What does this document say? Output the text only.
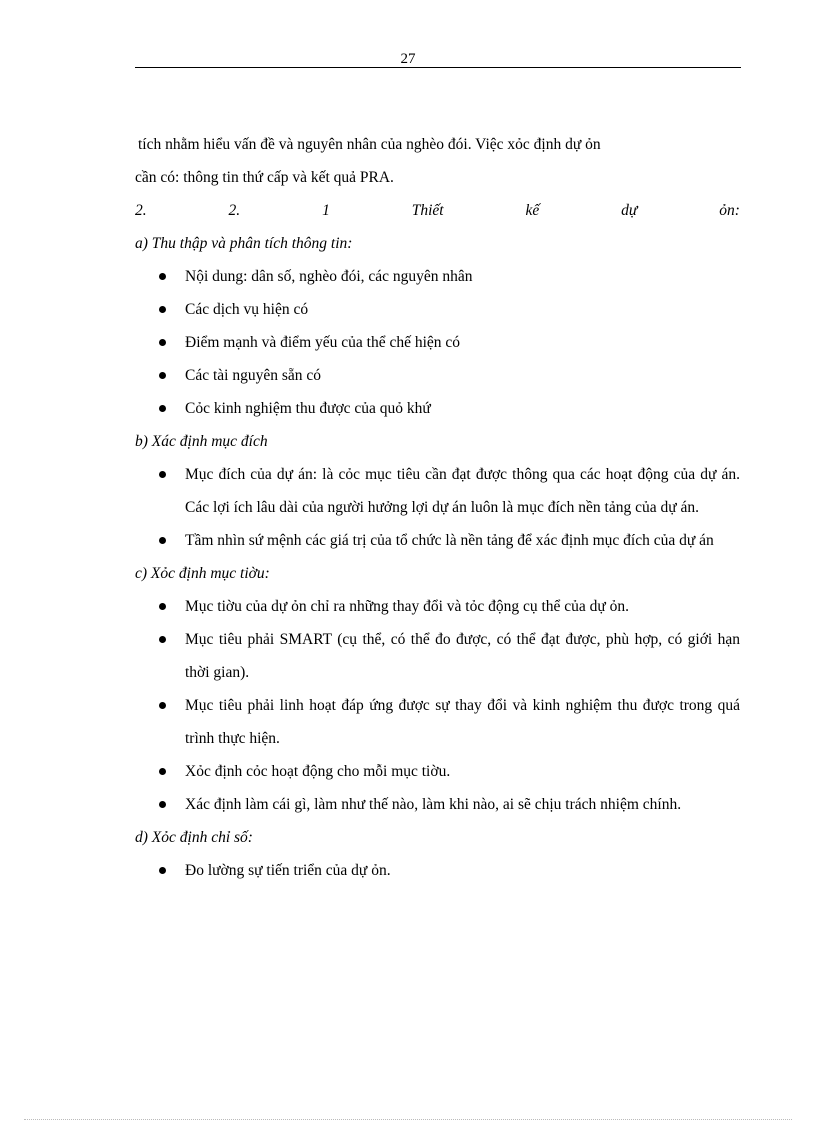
27

tích nhằm hiểu vấn đề và nguyên nhân của nghèo đói. Việc xỏc định dự ỏn

cần có: thông tin thứ cấp và kết quả PRA.

2.	2.	1	Thiết	kế	dự	ỏn:

a) Thu thập và phân tích thông tin:

Nội dung: dân số, nghèo đói, các nguyên nhân
Các dịch vụ hiện có
Điểm mạnh và điểm yếu của thể chế hiện có
Các tài nguyên sẵn có
Cỏc kinh nghiệm thu được của quỏ khứ

b) Xác định mục đích

Mục đích của dự án: là cỏc mục tiêu cần đạt được thông qua các hoạt động của dự án. Các lợi ích lâu dài của người hưởng lợi dự án luôn là mục đích nền tảng của dự án.
Tầm nhìn sứ mệnh các giá trị của tổ chức là nền tảng để xác định mục đích của dự án

c) Xỏc định mục tiờu:

Mục tiờu của dự ỏn chỉ ra những thay đổi và tỏc động cụ thể của dự ỏn.
Mục tiêu phải SMART (cụ thể, có thể đo được, có thể đạt được, phù hợp, có giới hạn thời gian).
Mục tiêu phải linh hoạt đáp ứng được sự thay đổi và kinh nghiệm thu được trong quá trình thực hiện.
Xỏc định cỏc hoạt động cho mỗi mục tiờu.
Xác định làm cái gì, làm như thế nào, làm khi nào, ai sẽ chịu trách nhiệm chính.

d) Xỏc định chỉ số:

Đo lường sự tiến triển của dự ỏn.
